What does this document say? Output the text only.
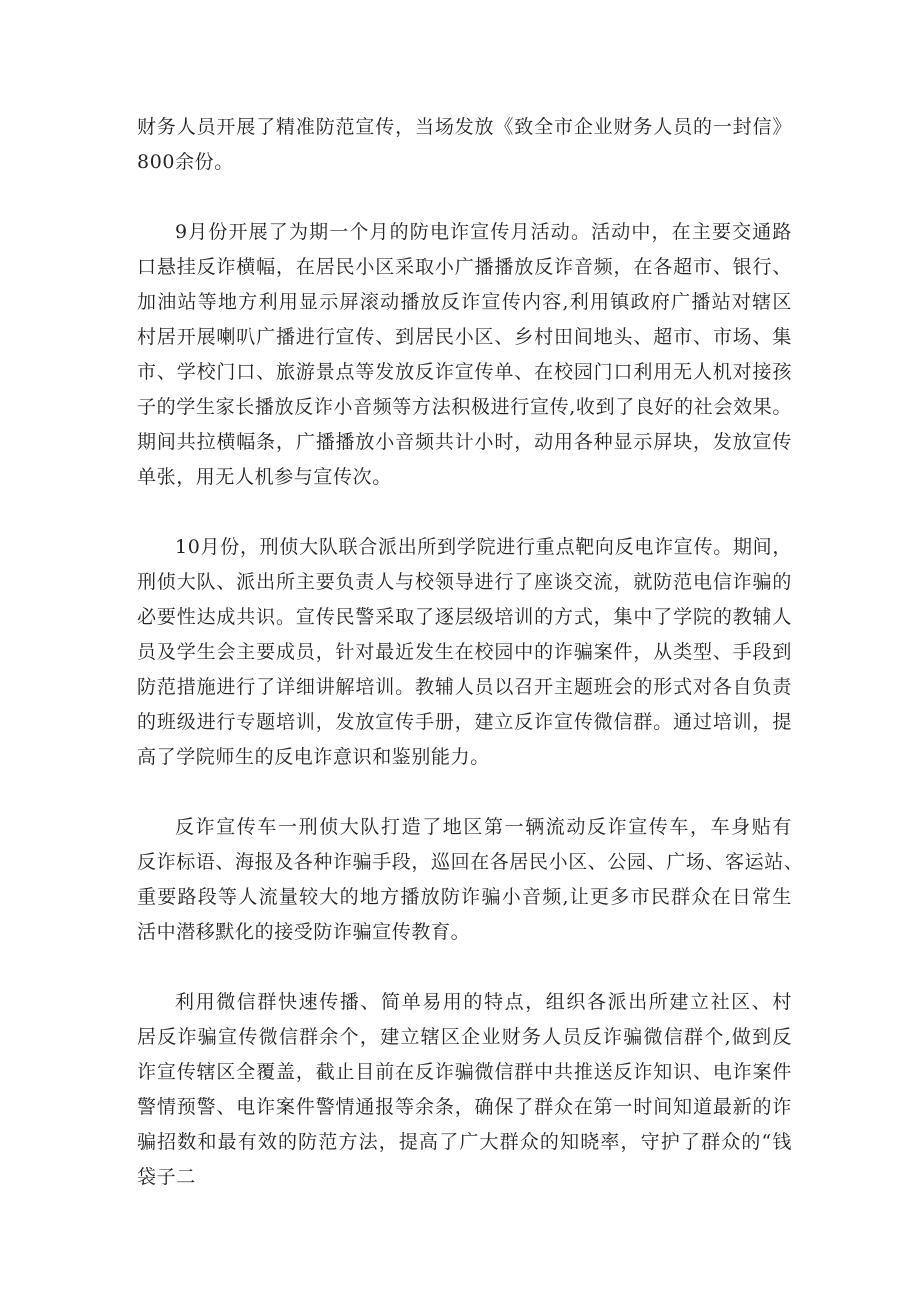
财务人员开展了精准防范宣传，当场发放《致全市企业财务人员的一封信》
800余份。
9月份开展了为期一个月的防电诈宣传月活动。活动中，在主要交通路
口悬挂反诈横幅，在居民小区采取小广播播放反诈音频，在各超市、银行、
加油站等地方利用显示屏滚动播放反诈宣传内容,利用镇政府广播站对辖区
村居开展喇叭广播进行宣传、到居民小区、乡村田间地头、超市、市场、集
市、学校门口、旅游景点等发放反诈宣传单、在校园门口利用无人机对接孩
子的学生家长播放反诈小音频等方法积极进行宣传,收到了良好的社会效果。
期间共拉横幅条，广播播放小音频共计小时，动用各种显示屏块，发放宣传
单张，用无人机参与宣传次。
10月份，刑侦大队联合派出所到学院进行重点靶向反电诈宣传。期间，
刑侦大队、派出所主要负责人与校领导进行了座谈交流，就防范电信诈骗的
必要性达成共识。宣传民警采取了逐层级培训的方式，集中了学院的教辅人
员及学生会主要成员，针对最近发生在校园中的诈骗案件，从类型、手段到
防范措施进行了详细讲解培训。教辅人员以召开主题班会的形式对各自负责
的班级进行专题培训，发放宣传手册，建立反诈宣传微信群。通过培训，提
高了学院师生的反电诈意识和鉴别能力。
反诈宣传车一刑侦大队打造了地区第一辆流动反诈宣传车，车身贴有
反诈标语、海报及各种诈骗手段，巡回在各居民小区、公园、广场、客运站、
重要路段等人流量较大的地方播放防诈骗小音频,让更多市民群众在日常生
活中潜移默化的接受防诈骗宣传教育。
利用微信群快速传播、简单易用的特点，组织各派出所建立社区、村
居反诈骗宣传微信群余个，建立辖区企业财务人员反诈骗微信群个,做到反
诈宣传辖区全覆盖，截止目前在反诈骗微信群中共推送反诈知识、电诈案件
警情预警、电诈案件警情通报等余条，确保了群众在第一时间知道最新的诈
骗招数和最有效的防范方法，提高了广大群众的知晓率，守护了群众的“钱
袋子二
